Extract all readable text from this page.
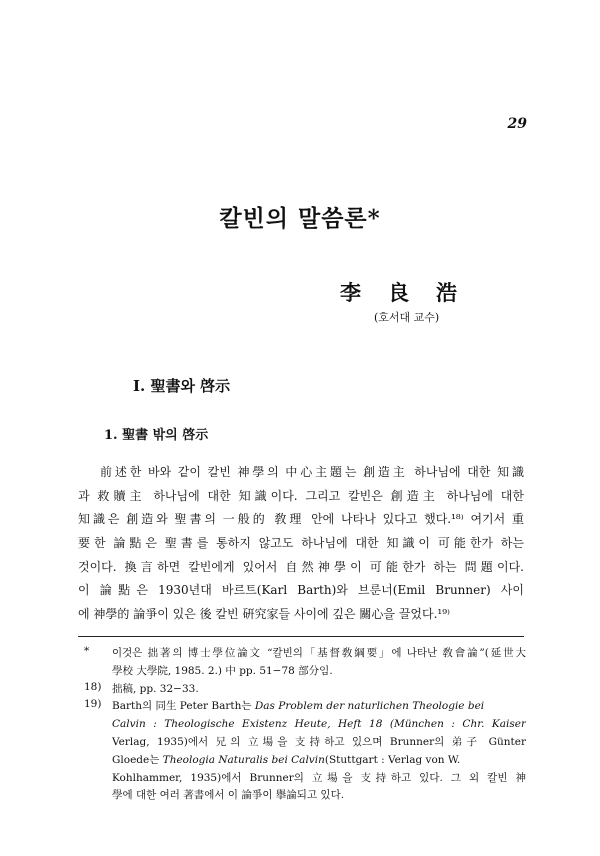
29
칼빈의 말씀론*
李良浩
(호서대 교수)
Ⅰ. 聖書와 啓示
1. 聖書 밖의 啓示
前述한 바와 같이 칼빈 神學의 中心主題는 創造主 하나님에 대한 知識
과 救贖主 하나님에 대한 知識이다. 그리고 칼빈은 創造主 하나님에 대한
知識은 創造와 聖書의 一般的 敎理 안에 나타나 있다고 했다.¹⁸⁾ 여기서 重
要한 論點은 聖書를 통하지 않고도 하나님에 대한 知識이 可能한가 하는
것이다. 換言하면 칼빈에게 있어서 自然神學이 可能한가 하는 問題이다.
이 論點은 1930년대 바르트(Karl Barth)와 브룬너(Emil Brunner) 사이
에 神學的 論爭이 있은 後 칼빈 硏究家들 사이에 깊은 關心을 끌었다.¹⁹⁾
* 이것은 拙著의 博士學位論文 “칼빈의「基督敎綱要」에 나타난 敎會論”(延世大
學校 大學院, 1985. 2.) 中 pp. 51−78 部分임.
18) 拙稿, pp. 32−33.
19) Barth의 同生 Peter Barth는 Das Problem der naturlichen Theologie bei
Calvin : Theologische Existenz Heute, Heft 18 (München : Chr. Kaiser
Verlag, 1935)에서 兄의 立場을 支持하고 있으며 Brunner의 弟子 Günter
Gloede는 Theologia Naturalis bei Calvin(Stuttgart : Verlag von W.
Kohlhammer, 1935)에서 Brunner의 立場을 支持하고 있다. 그 외 칼빈 神
學에 대한 여러 著書에서 이 論爭이 擧論되고 있다.
